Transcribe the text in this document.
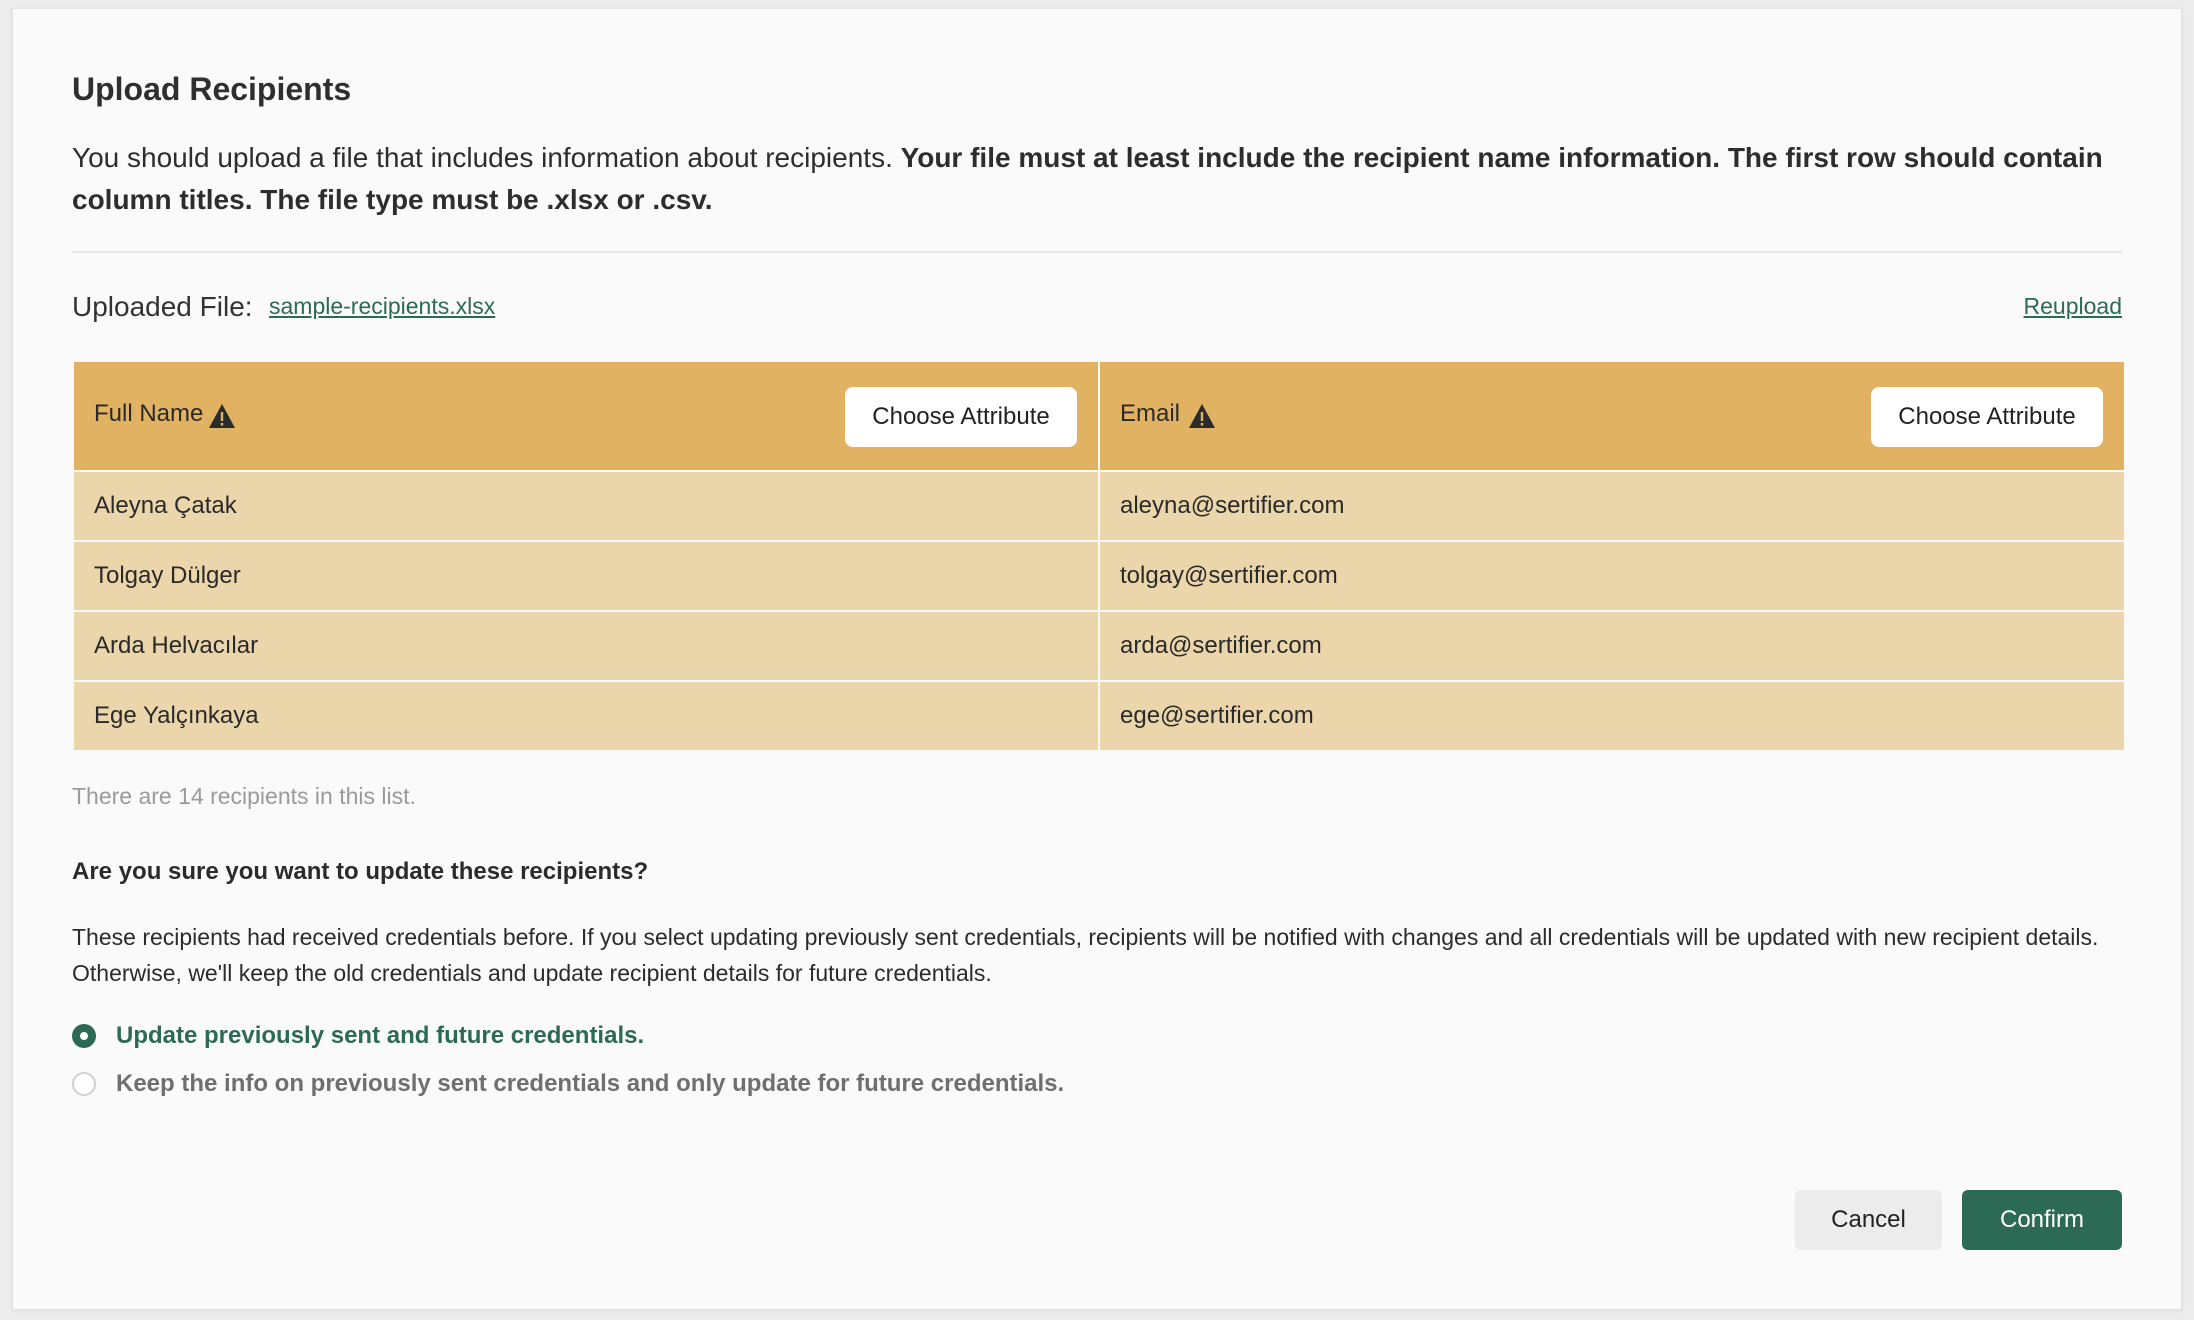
Upload Recipients
You should upload a file that includes information about recipients. Your file must at least include the recipient name information. The first row should contain column titles. The file type must be .xlsx or .csv.
Uploaded File: sample-recipients.xlsx	Reupload
Full Name	Choose Attribute	Email	Choose Attribute
Aleyna Çatak	aleyna@sertifier.com
Tolgay Dülger	tolgay@sertifier.com
Arda Helvacılar	arda@sertifier.com
Ege Yalçınkaya	ege@sertifier.com
There are 14 recipients in this list.
Are you sure you want to update these recipients?
These recipients had received credentials before. If you select updating previously sent credentials, recipients will be notified with changes and all credentials will be updated with new recipient details. Otherwise, we'll keep the old credentials and update recipient details for future credentials.
Update previously sent and future credentials.
Keep the info on previously sent credentials and only update for future credentials.
Cancel	Confirm
